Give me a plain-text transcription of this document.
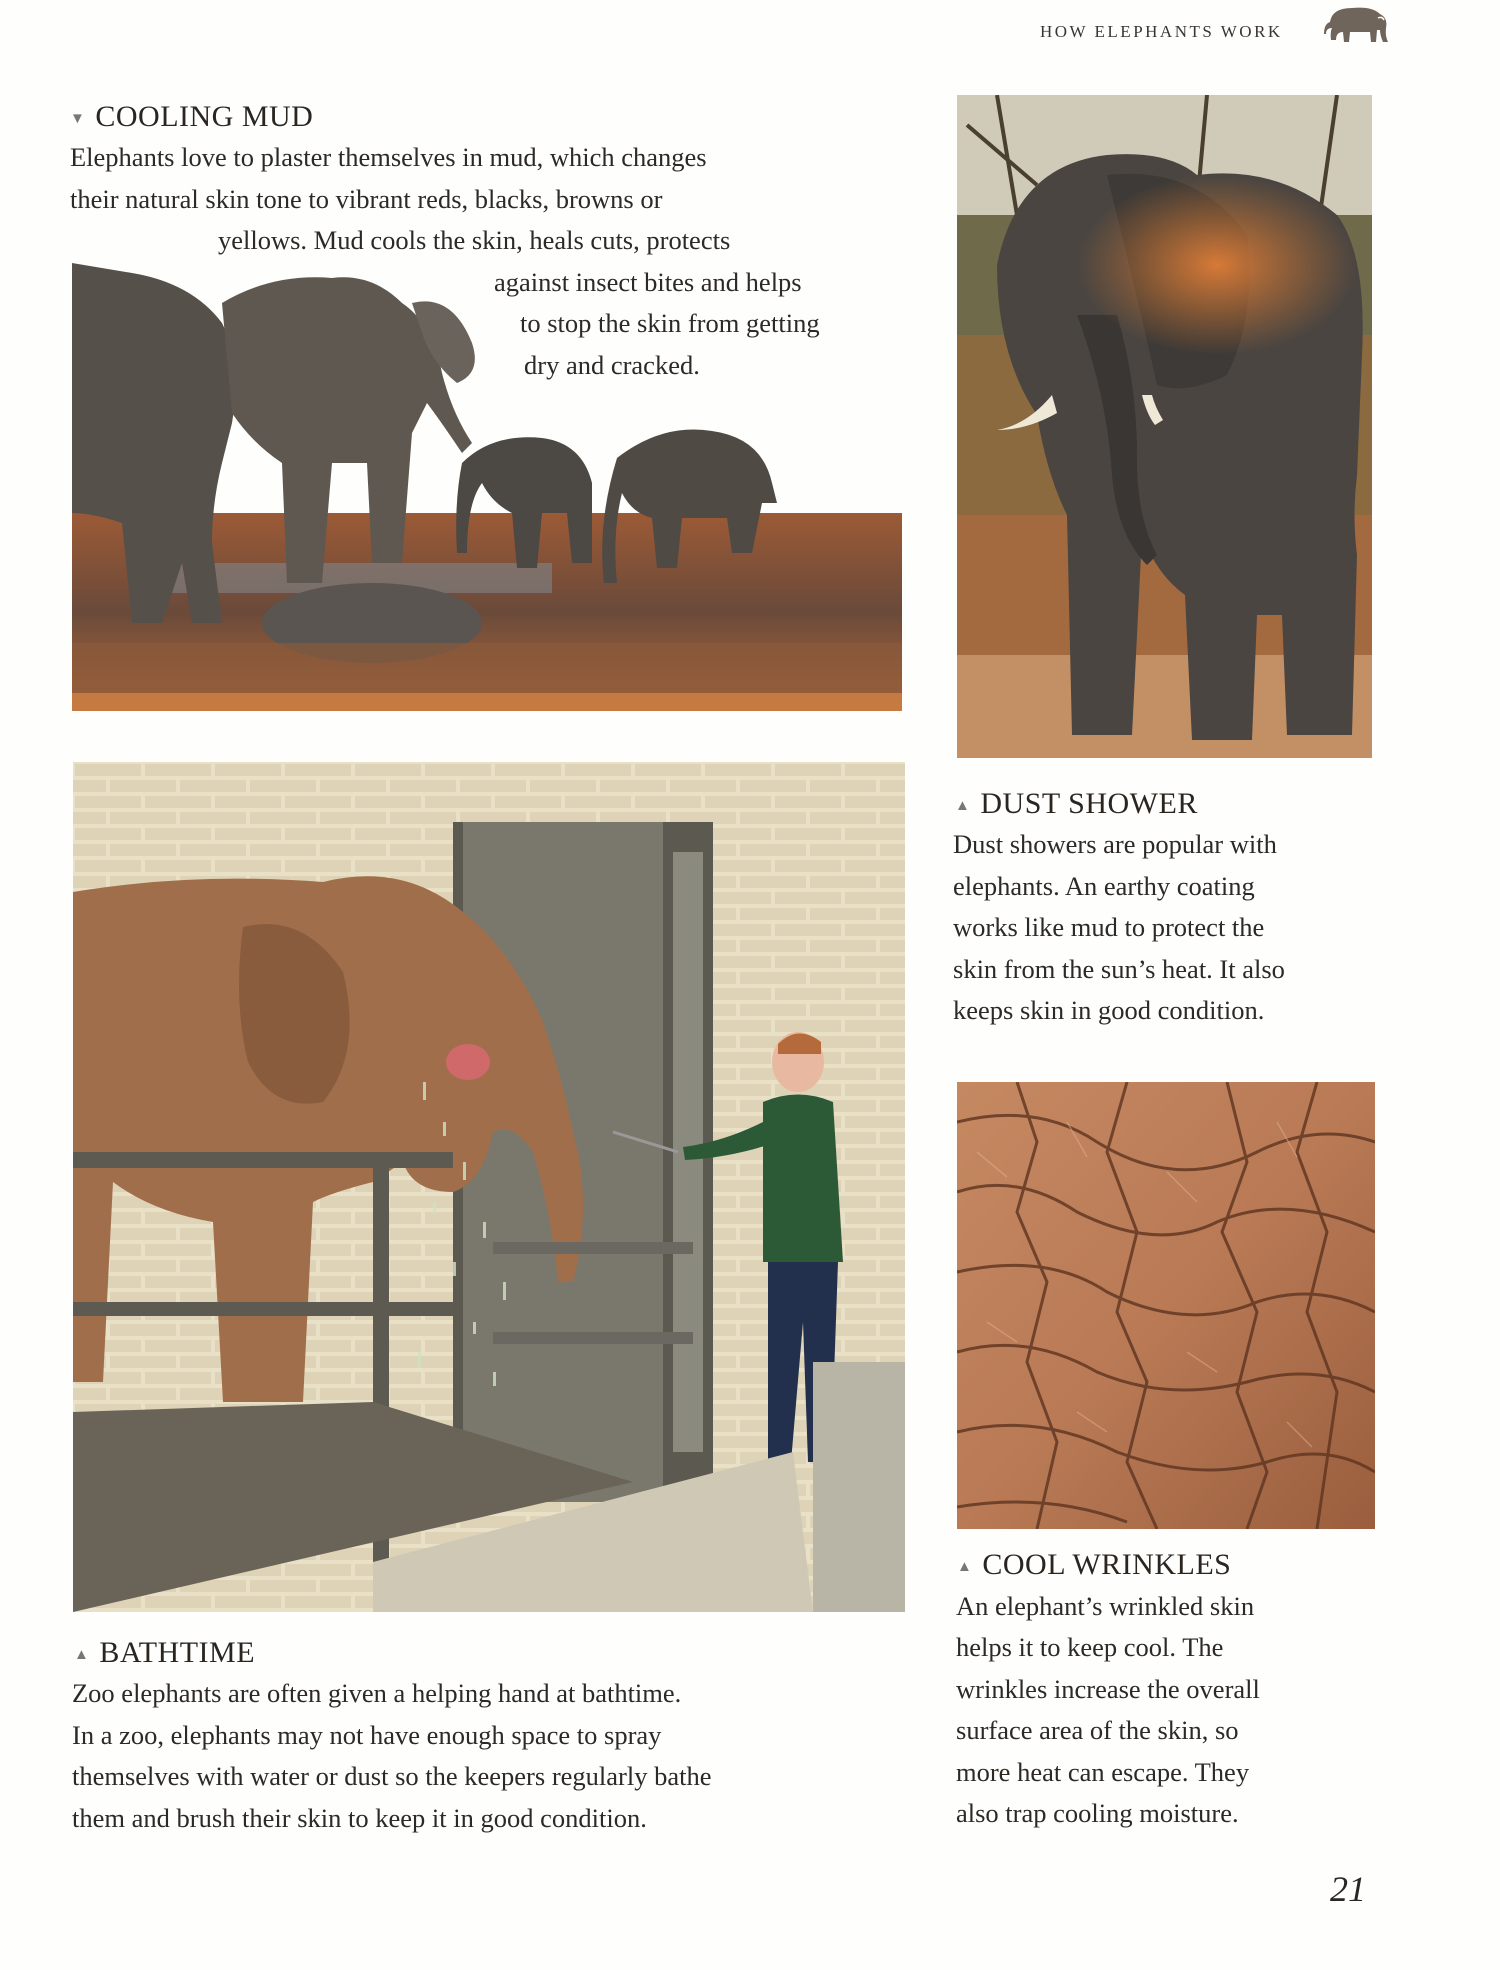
HOW ELEPHANTS WORK
▼ COOLING MUD

Elephants love to plaster themselves in mud, which changes

their natural skin tone to vibrant reds, blacks, browns or

yellows. Mud cools the skin, heals cuts, protects

against insect bites and helps

to stop the skin from getting

dry and cracked.

▲ DUST SHOWER

Dust showers are popular with

elephants. An earthy coating

works like mud to protect the

skin from the sun’s heat. It also

keeps skin in good condition.

▲ BATHTIME

Zoo elephants are often given a helping hand at bathtime.

In a zoo, elephants may not have enough space to spray

themselves with water or dust so the keepers regularly bathe

them and brush their skin to keep it in good condition.

▲ COOL WRINKLES

An elephant’s wrinkled skin

helps it to keep cool. The

wrinkles increase the overall

surface area of the skin, so

more heat can escape. They

also trap cooling moisture.

21
